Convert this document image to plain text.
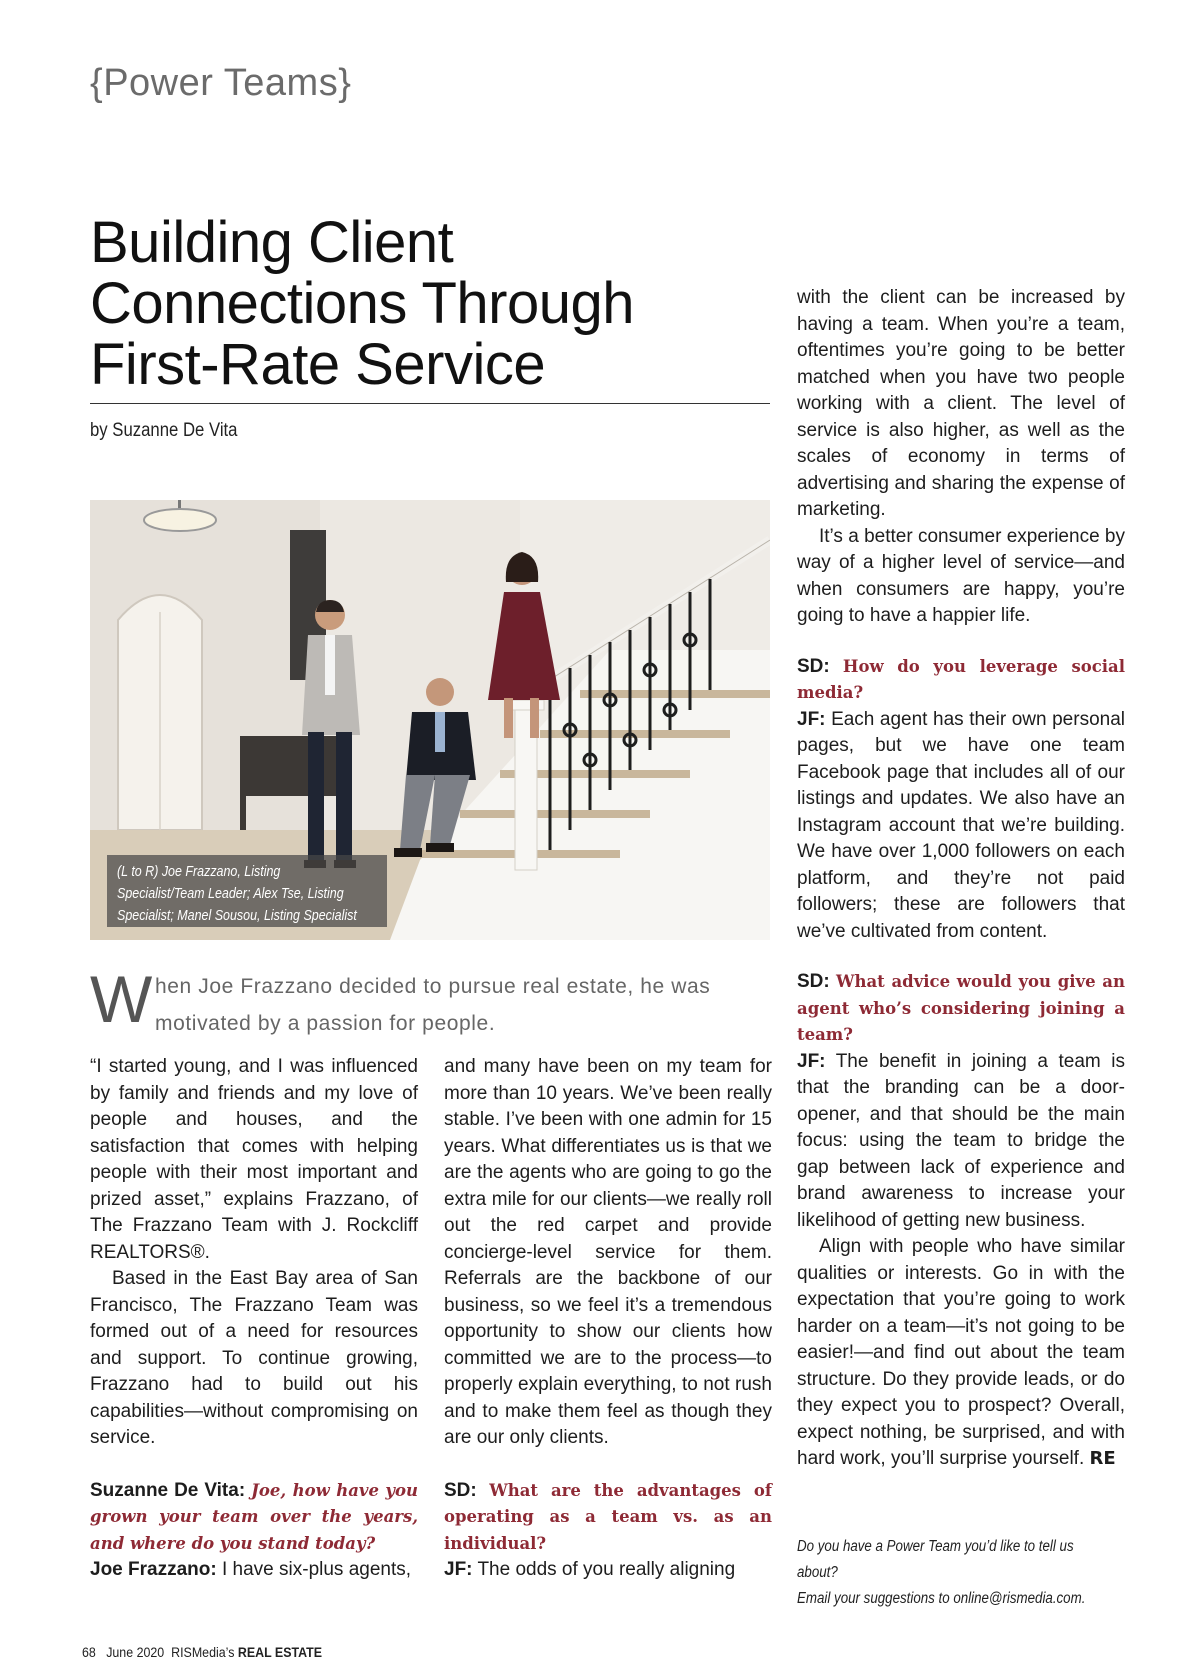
{Power Teams}
Building Client
Connections Through
First-Rate Service
by Suzanne De Vita
(L to R) Joe Frazzano, Listing Specialist/Team Leader; Alex Tse, Listing Specialist; Manel Sousou, Listing Specialist
W hen Joe Frazzano decided to pursue real estate, he was motivated by a passion for people.

“I started young, and I was influenced by family and friends and my love of people and houses, and the satisfaction that comes with helping people with their most important and prized asset,” explains Frazzano, of The Frazzano Team with J. Rockcliff REALTORS®.

Based in the East Bay area of San Francisco, The Frazzano Team was formed out of a need for resources and support. To continue growing, Frazzano had to build out his capabilities—without compromising on service.

Suzanne De Vita: Joe, how have you grown your team over the years, and where do you stand today?

Joe Frazzano: I have six-plus agents,

and many have been on my team for more than 10 years. We’ve been really stable. I’ve been with one admin for 15 years. What differentiates us is that we are the agents who are going to go the extra mile for our clients—we really roll out the red carpet and provide concierge-level service for them. Referrals are the backbone of our business, so we feel it’s a tremendous opportunity to show our clients how committed we are to the process—to properly explain everything, to not rush and to make them feel as though they are our only clients.

SD: What are the advantages of operating as a team vs. as an individual?

JF: The odds of you really aligning

with the client can be increased by having a team. When you’re a team, oftentimes you’re going to be better matched when you have two people working with a client. The level of service is also higher, as well as the scales of economy in terms of advertising and sharing the expense of marketing.

It’s a better consumer experience by way of a higher level of service—and when consumers are happy, you’re going to have a happier life.

SD: How do you leverage social media?

JF: Each agent has their own personal pages, but we have one team Facebook page that includes all of our listings and updates. We also have an Instagram account that we’re building. We have over 1,000 followers on each platform, and they’re not paid followers; these are followers that we’ve cultivated from content.

SD: What advice would you give an agent who’s considering joining a team?

JF: The benefit in joining a team is that the branding can be a door-opener, and that should be the main focus: using the team to bridge the gap between lack of experience and brand awareness to increase your likelihood of getting new business.

Align with people who have similar qualities or interests. Go in with the expectation that you’re going to work harder on a team—it’s not going to be easier!—and find out about the team structure. Do they provide leads, or do they expect you to prospect? Overall, expect nothing, be surprised, and with hard work, you’ll surprise yourself. RE

Do you have a Power Team you’d like to tell us about?
Email your suggestions to online@rismedia.com.
68 June 2020 RISMedia’s REAL ESTATE
